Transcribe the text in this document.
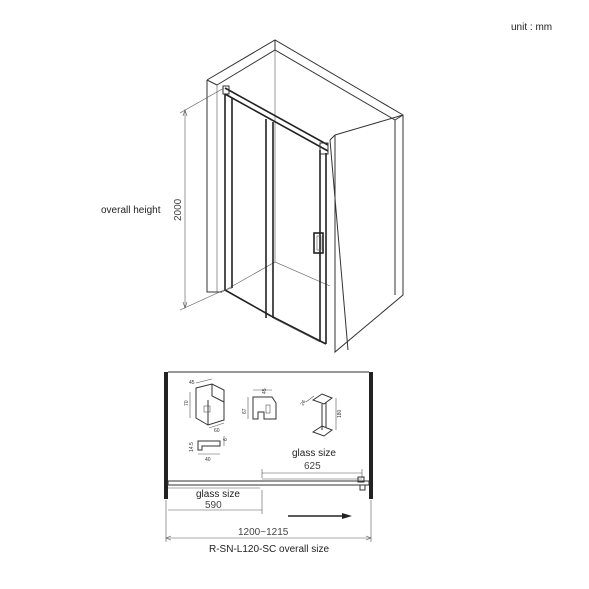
unit : mm
overall height 2000
45
70
60
14.5
40
6
45
67
26
180
glass size
625
glass size
590
1200~1215
R-SN-L120-SC overall size
